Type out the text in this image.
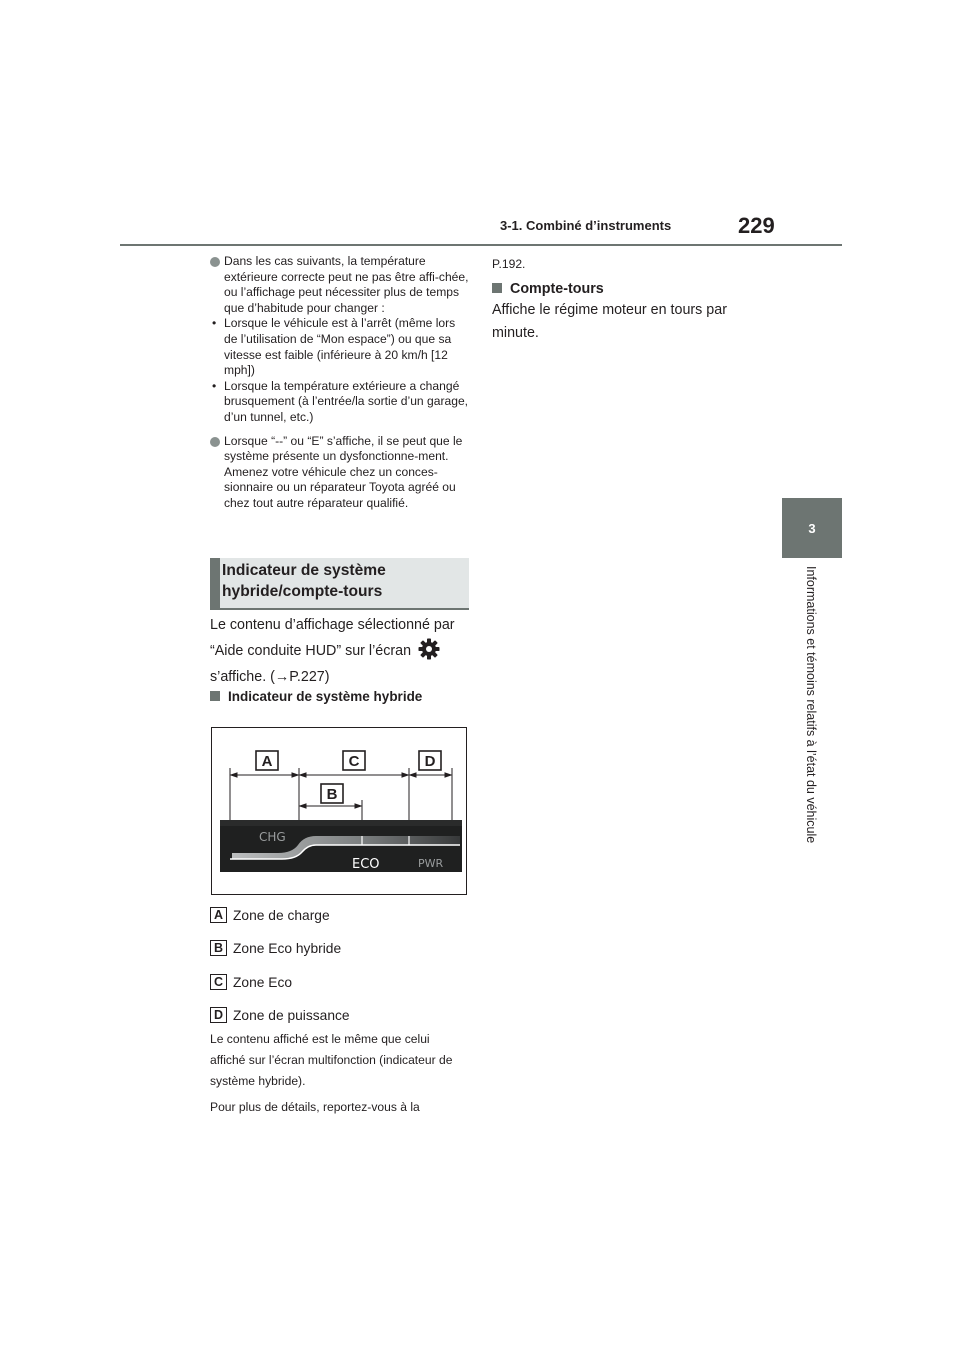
3-1. Combiné d’instruments	229
3
Informations et témoins relatifs à l’état du véhicule
Dans les cas suivants, la température extérieure correcte peut ne pas être affi-chée, ou l’affichage peut nécessiter plus de temps que d’habitude pour changer :
• Lorsque le véhicule est à l’arrêt (même lors de l’utilisation de “Mon espace”) ou que sa vitesse est faible (inférieure à 20 km/h [12 mph])
• Lorsque la température extérieure a changé brusquement (à l’entrée/la sortie d’un garage, d’un tunnel, etc.)
Lorsque “--” ou “E” s’affiche, il se peut que le système présente un dysfonctionne-ment.
Amenez votre véhicule chez un conces-sionnaire ou un réparateur Toyota agréé ou chez tout autre réparateur qualifié.
Indicateur de système hybride/compte-tours
Le contenu d’affichage sélectionné par “Aide conduite HUD” sur l’écran
s’affiche. (→P.227)
Indicateur de système hybride
A	C	D
B
CHG
ECO	PWR
A Zone de charge
B Zone Eco hybride
C Zone Eco
D Zone de puissance
Le contenu affiché est le même que celui affiché sur l’écran multifonction (indicateur de système hybride).
Pour plus de détails, reportez-vous à la
P.192.
Compte-tours
Affiche le régime moteur en tours par minute.
